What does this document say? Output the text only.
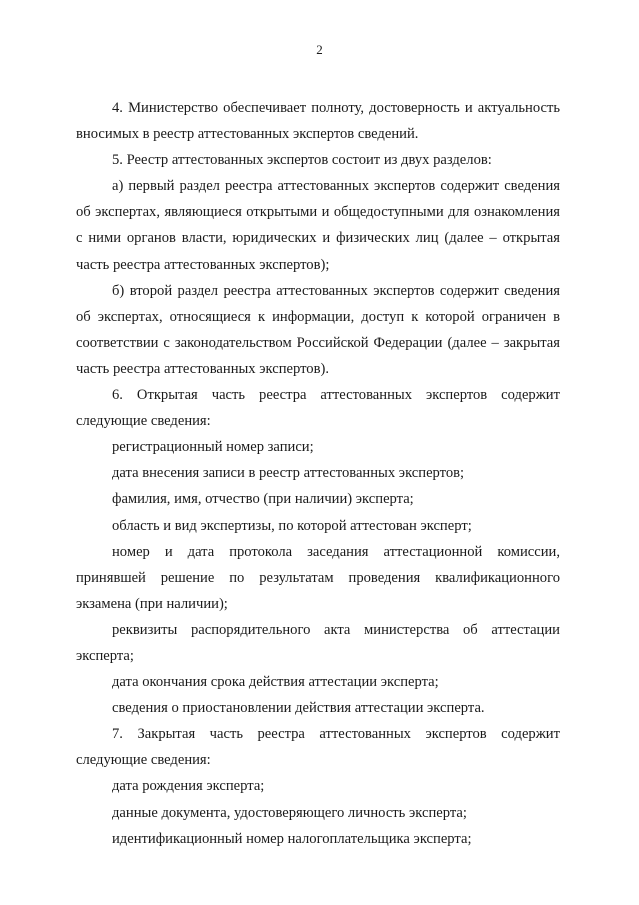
2

4. Министерство обеспечивает полноту, достоверность и актуальность вносимых в реестр аттестованных экспертов сведений.

5. Реестр аттестованных экспертов состоит из двух разделов:

а) первый раздел реестра аттестованных экспертов содержит сведения об экспертах, являющиеся открытыми и общедоступными для ознакомления с ними органов власти, юридических и физических лиц (далее – открытая часть реестра аттестованных экспертов);

б) второй раздел реестра аттестованных экспертов содержит сведения об экспертах, относящиеся к информации, доступ к которой ограничен в соответствии с законодательством Российской Федерации (далее – закрытая часть реестра аттестованных экспертов).

6. Открытая часть реестра аттестованных экспертов содержит следующие сведения:

регистрационный номер записи;

дата внесения записи в реестр аттестованных экспертов;

фамилия, имя, отчество (при наличии) эксперта;

область и вид экспертизы, по которой аттестован эксперт;

номер и дата протокола заседания аттестационной комиссии, принявшей решение по результатам проведения квалификационного экзамена (при наличии);

реквизиты распорядительного акта министерства об аттестации эксперта;

дата окончания срока действия аттестации эксперта;

сведения о приостановлении действия аттестации эксперта.

7. Закрытая часть реестра аттестованных экспертов содержит следующие сведения:

дата рождения эксперта;

данные документа, удостоверяющего личность эксперта;

идентификационный номер налогоплательщика эксперта;
